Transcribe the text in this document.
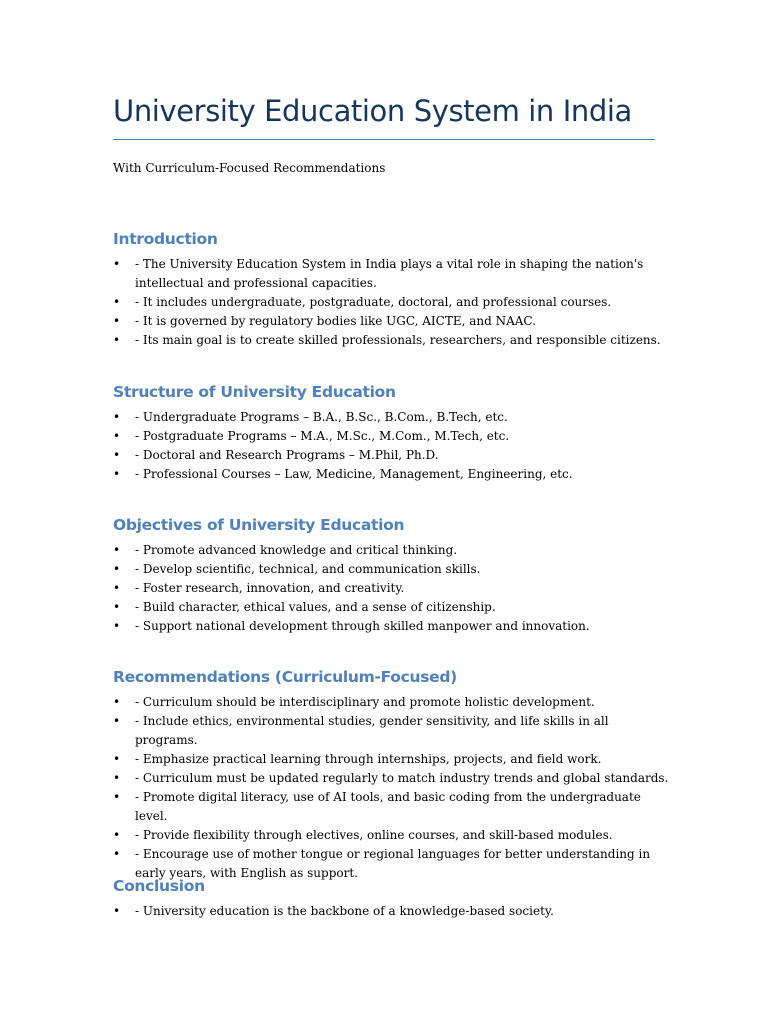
University Education System in India
With Curriculum-Focused Recommendations
Introduction
• - The University Education System in India plays a vital role in shaping the nation's intellectual and professional capacities.
• - It includes undergraduate, postgraduate, doctoral, and professional courses.
• - It is governed by regulatory bodies like UGC, AICTE, and NAAC.
• - Its main goal is to create skilled professionals, researchers, and responsible citizens.
Structure of University Education
• - Undergraduate Programs – B.A., B.Sc., B.Com., B.Tech, etc.
• - Postgraduate Programs – M.A., M.Sc., M.Com., M.Tech, etc.
• - Doctoral and Research Programs – M.Phil, Ph.D.
• - Professional Courses – Law, Medicine, Management, Engineering, etc.
Objectives of University Education
• - Promote advanced knowledge and critical thinking.
• - Develop scientific, technical, and communication skills.
• - Foster research, innovation, and creativity.
• - Build character, ethical values, and a sense of citizenship.
• - Support national development through skilled manpower and innovation.
Recommendations (Curriculum-Focused)
• - Curriculum should be interdisciplinary and promote holistic development.
• - Include ethics, environmental studies, gender sensitivity, and life skills in all programs.
• - Emphasize practical learning through internships, projects, and field work.
• - Curriculum must be updated regularly to match industry trends and global standards.
• - Promote digital literacy, use of AI tools, and basic coding from the undergraduate level.
• - Provide flexibility through electives, online courses, and skill-based modules.
• - Encourage use of mother tongue or regional languages for better understanding in early years, with English as support.
Conclusion
• - University education is the backbone of a knowledge-based society.
